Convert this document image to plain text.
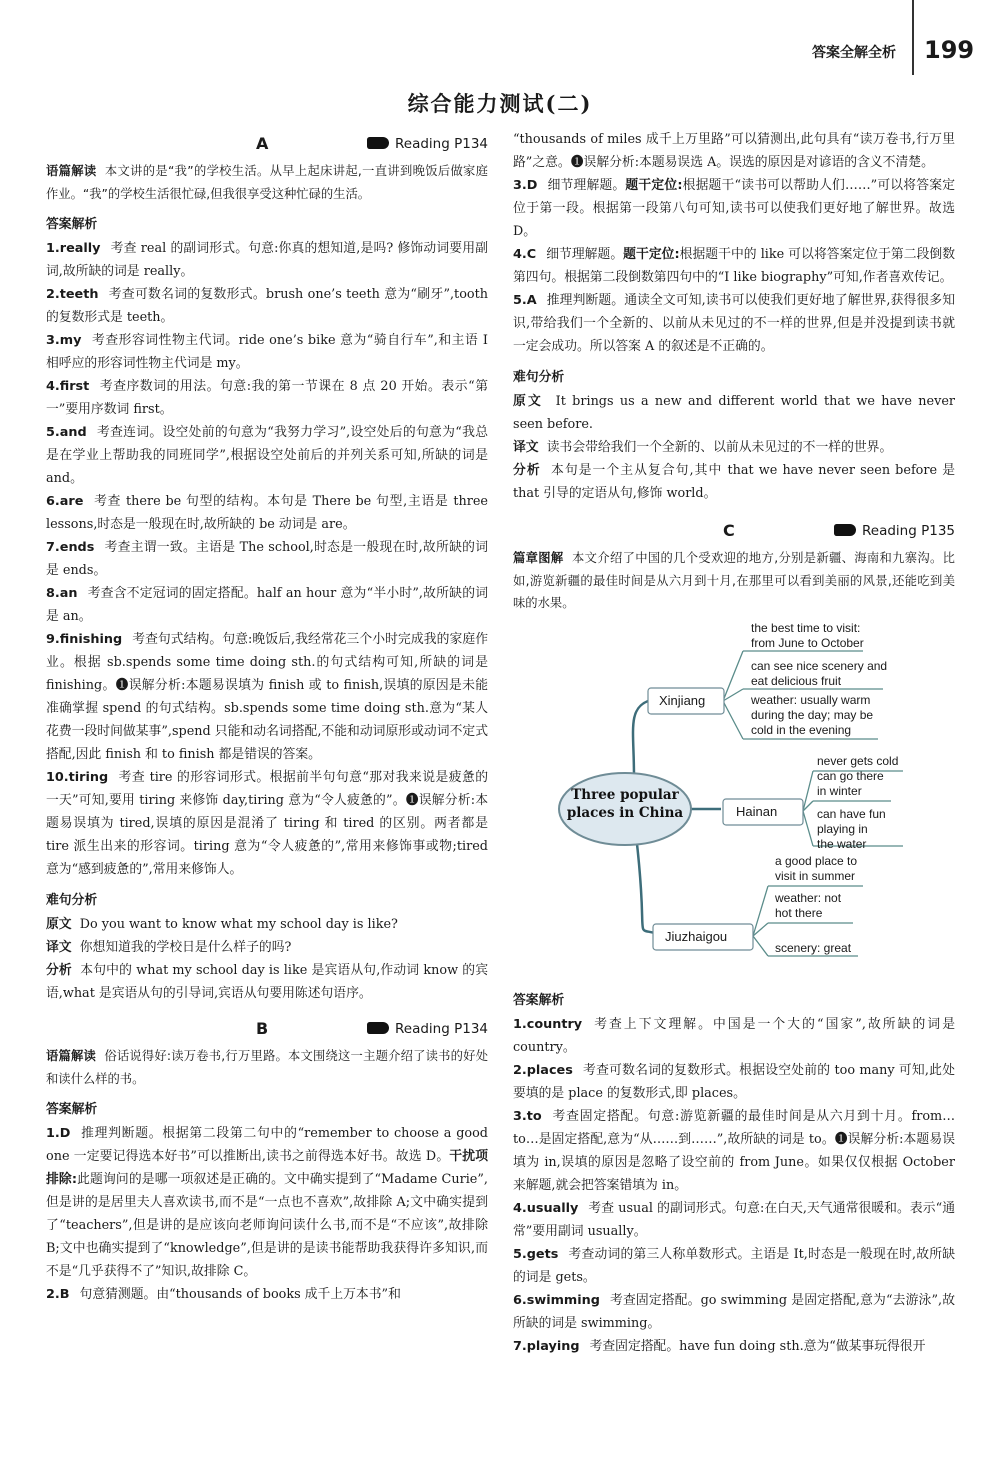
答案全解全析 199
综合能力测试(二)
A	Reading P134
语篇解读 本文讲的是“我”的学校生活。从早上起床讲起,一直讲到晚饭后做家庭作业。“我”的学校生活很忙碌,但我很享受这种忙碌的生活。
答案解析
1.really 考查 real 的副词形式。句意:你真的想知道,是吗? 修饰动词要用副词,故所缺的词是 really。
2.teeth 考查可数名词的复数形式。brush one’s teeth 意为“刷牙”,tooth 的复数形式是 teeth。
3.my 考查形容词性物主代词。ride one’s bike 意为“骑自行车”,和主语 I 相呼应的形容词性物主代词是 my。
4.first 考查序数词的用法。句意:我的第一节课在 8 点 20 开始。表示“第一”要用序数词 first。
5.and 考查连词。设空处前的句意为“我努力学习”,设空处后的句意为“我总是在学业上帮助我的同班同学”,根据设空处前后的并列关系可知,所缺的词是 and。
6.are 考查 there be 句型的结构。本句是 There be 句型,主语是 three lessons,时态是一般现在时,故所缺的 be 动词是 are。
7.ends 考查主谓一致。主语是 The school,时态是一般现在时,故所缺的词是 ends。
8.an 考查含不定冠词的固定搭配。half an hour 意为“半小时”,故所缺的词是 an。
9.finishing 考查句式结构。句意:晚饭后,我经常花三个小时完成我的家庭作业。根据 sb.spends some time doing sth.的句式结构可知,所缺的词是 finishing。❶误解分析:本题易误填为 finish 或 to finish,误填的原因是未能准确掌握 spend 的句式结构。sb.spends some time doing sth.意为“某人花费一段时间做某事”,spend 只能和动名词搭配,不能和动词原形或动词不定式搭配,因此 finish 和 to finish 都是错误的答案。
10.tiring 考查 tire 的形容词形式。根据前半句句意“那对我来说是疲惫的一天”可知,要用 tiring 来修饰 day,tiring 意为“令人疲惫的”。❶误解分析:本题易误填为 tired,误填的原因是混淆了 tiring 和 tired 的区别。两者都是 tire 派生出来的形容词。tiring 意为“令人疲惫的”,常用来修饰事或物;tired 意为“感到疲惫的”,常用来修饰人。
难句分析
原文 Do you want to know what my school day is like?
译文 你想知道我的学校日是什么样子的吗?
分析 本句中的 what my school day is like 是宾语从句,作动词 know 的宾语,what 是宾语从句的引导词,宾语从句要用陈述句语序。
B	Reading P134
语篇解读 俗话说得好:读万卷书,行万里路。本文围绕这一主题介绍了读书的好处和读什么样的书。
答案解析
1.D 推理判断题。根据第二段第二句中的“remember to choose a good one 一定要记得选本好书”可以推断出,读书之前得选本好书。故选 D。干扰项排除:此题询问的是哪一项叙述是正确的。文中确实提到了“Madame Curie”,但是讲的是居里夫人喜欢读书,而不是“一点也不喜欢”,故排除 A;文中确实提到了“teachers”,但是讲的是应该向老师询问读什么书,而不是“不应该”,故排除 B;文中也确实提到了“knowledge”,但是讲的是读书能帮助我获得许多知识,而不是“几乎获得不了”知识,故排除 C。
2.B 句意猜测题。由“thousands of books 成千上万本书”和
“thousands of miles 成千上万里路”可以猜测出,此句具有“读万卷书,行万里路”之意。❶误解分析:本题易误选 A。误选的原因是对谚语的含义不清楚。
3.D 细节理解题。题干定位:根据题干“读书可以帮助人们……”可以将答案定位于第一段。根据第一段第八句可知,读书可以使我们更好地了解世界。故选 D。
4.C 细节理解题。题干定位:根据题干中的 like 可以将答案定位于第二段倒数第四句。根据第二段倒数第四句中的“I like biography”可知,作者喜欢传记。
5.A 推理判断题。通读全文可知,读书可以使我们更好地了解世界,获得很多知识,带给我们一个全新的、以前从未见过的不一样的世界,但是并没提到读书就一定会成功。所以答案 A 的叙述是不正确的。
难句分析
原文 It brings us a new and different world that we have never seen before.
译文 读书会带给我们一个全新的、以前从未见过的不一样的世界。
分析 本句是一个主从复合句,其中 that we have never seen before 是 that 引导的定语从句,修饰 world。
C	Reading P135
篇章图解 本文介绍了中国的几个受欢迎的地方,分别是新疆、海南和九寨沟。比如,游览新疆的最佳时间是从六月到十月,在那里可以看到美丽的风景,还能吃到美味的水果。
Three popular
places in China
Xinjiang
Hainan
Jiuzhaigou
the best time to visit:
from June to October
can see nice scenery and
eat delicious fruit
weather: usually warm
during the day; may be
cold in the evening
never gets cold
can go there
in winter
can have fun
playing in
the water
a good place to
visit in summer
weather: not
hot there
scenery: great
答案解析
1.country 考查上下文理解。中国是一个大的“国家”,故所缺的词是 country。
2.places 考查可数名词的复数形式。根据设空处前的 too many 可知,此处要填的是 place 的复数形式,即 places。
3.to 考查固定搭配。句意:游览新疆的最佳时间是从六月到十月。from…to…是固定搭配,意为“从……到……”,故所缺的词是 to。❶误解分析:本题易误填为 in,误填的原因是忽略了设空前的 from June。如果仅仅根据 October 来解题,就会把答案错填为 in。
4.usually 考查 usual 的副词形式。句意:在白天,天气通常很暖和。表示“通常”要用副词 usually。
5.gets 考查动词的第三人称单数形式。主语是 It,时态是一般现在时,故所缺的词是 gets。
6.swimming 考查固定搭配。go swimming 是固定搭配,意为“去游泳”,故所缺的词是 swimming。
7.playing 考查固定搭配。have fun doing sth.意为“做某事玩得很开
